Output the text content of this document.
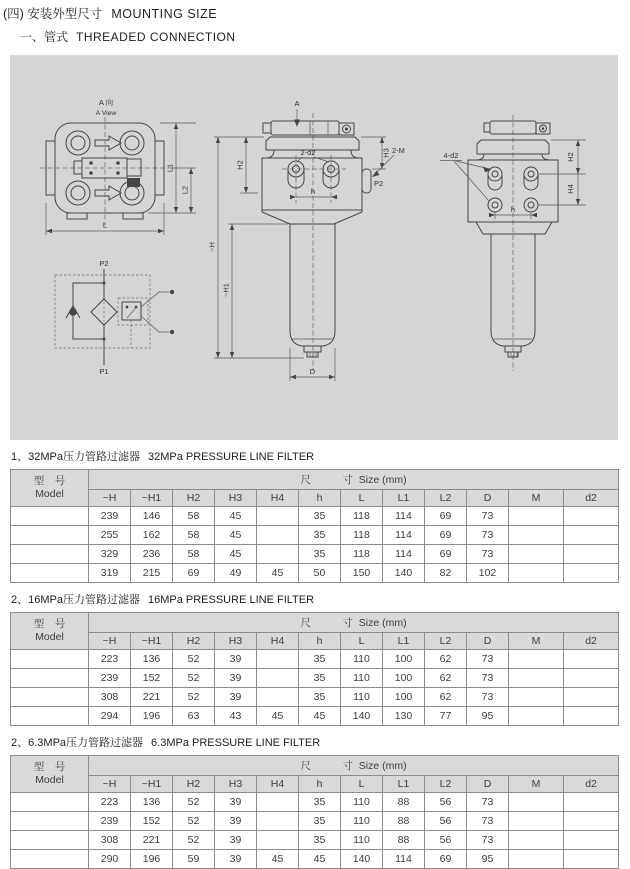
(四) 安装外型尺寸 MOUNTING SIZE
一、管式 THREADED CONNECTION
A 向
A View
L
L1
L2
P2
P1
A
~H
~H1
H2
H3
2-d2	2-M
P2
h
D
4-d2	H2
H4
h
1、32MPa压力管路过滤器 32MPa PRESSURE LINE FILTER
型　号
Model	尺　　　寸  Size (mm)											
	~H	~H1	H2	H3	H4	h	L	L1	L2	D	M	d2
	239	146	58	45		35	118	114	69	73		
	255	162	58	45		35	118	114	69	73		
	329	236	58	45		35	118	114	69	73		
	319	215	69	49	45	50	150	140	82	102		
2、16MPa压力管路过滤器 16MPa PRESSURE LINE FILTER
型　号
Model	尺　　　寸  Size (mm)											
	~H	~H1	H2	H3	H4	h	L	L1	L2	D	M	d2
	223	136	52	39		35	110	100	62	73		
	239	152	52	39		35	110	100	62	73		
	308	221	52	39		35	110	100	62	73		
	294	196	63	43	45	45	140	130	77	95		
2、6.3MPa压力管路过滤器 6.3MPa PRESSURE LINE FILTER
型　号
Model	尺　　　寸  Size (mm)											
	~H	~H1	H2	H3	H4	h	L	L1	L2	D	M	d2
	223	136	52	39		35	110	88	56	73		
	239	152	52	39		35	110	88	56	73		
	308	221	52	39		35	110	88	56	73		
	290	196	59	39	45	45	140	114	69	95		
